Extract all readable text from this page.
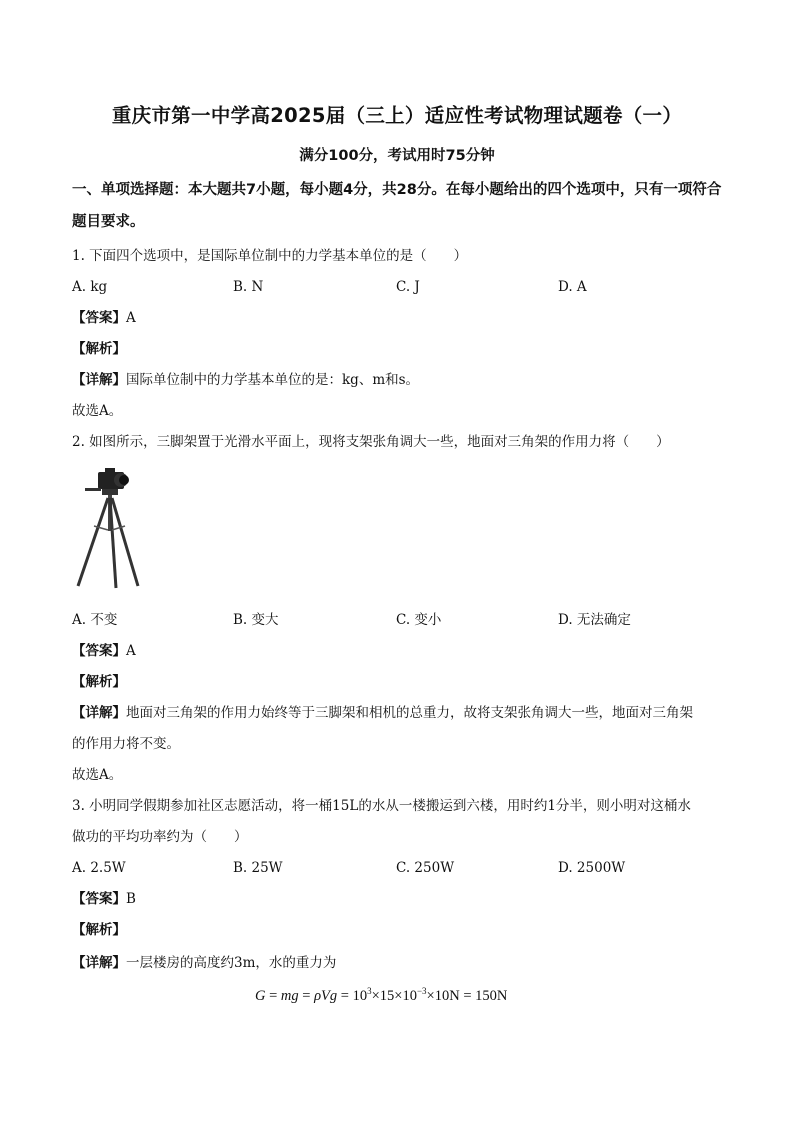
重庆市第一中学高2025届（三上）适应性考试物理试题卷（一）
满分100分，考试用时75分钟
一、单项选择题：本大题共7小题，每小题4分，共28分。在每小题给出的四个选项中，只有一项符合题目要求。
1. 下面四个选项中，是国际单位制中的力学基本单位的是（　　）
A. kg	B. N	C. J	D. A
【答案】A
【解析】
【详解】国际单位制中的力学基本单位的是：kg、m和s。
故选A。
2. 如图所示，三脚架置于光滑水平面上，现将支架张角调大一些，地面对三角架的作用力将（　　）
A. 不变	B. 变大	C. 变小	D. 无法确定
【答案】A
【解析】
【详解】地面对三角架的作用力始终等于三脚架和相机的总重力，故将支架张角调大一些，地面对三角架
的作用力将不变。
故选A。
3. 小明同学假期参加社区志愿活动，将一桶15L的水从一楼搬运到六楼，用时约1分半，则小明对这桶水
做功的平均功率约为（　　）
A. 2.5W	B. 25W	C. 250W	D. 2500W
【答案】B
【解析】
【详解】一层楼房的高度约3m，水的重力为
G = mg = $\rho Vg = 10^3\times 15\times 10^{-3}\times 10N = 150N$
